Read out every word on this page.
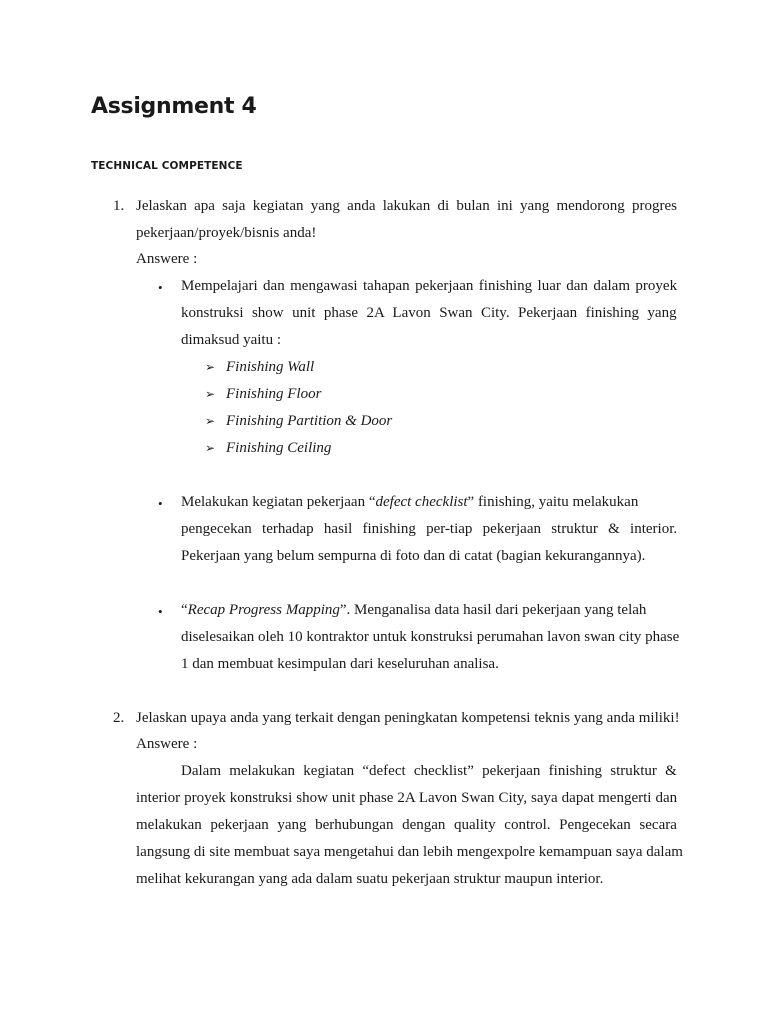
Assignment 4
TECHNICAL COMPETENCE
1. Jelaskan apa saja kegiatan yang anda lakukan di bulan ini yang mendorong progres
pekerjaan/proyek/bisnis anda!
Answere :
• Mempelajari dan mengawasi tahapan pekerjaan finishing luar dan dalam proyek
konstruksi show unit phase 2A Lavon Swan City. Pekerjaan finishing yang
dimaksud yaitu :
➢ Finishing Wall
➢ Finishing Floor
➢ Finishing Partition & Door
➢ Finishing Ceiling
• Melakukan kegiatan pekerjaan “defect checklist” finishing, yaitu melakukan
pengecekan terhadap hasil finishing per-tiap pekerjaan struktur & interior.
Pekerjaan yang belum sempurna di foto dan di catat (bagian kekurangannya).
• “Recap Progress Mapping”. Menganalisa data hasil dari pekerjaan yang telah
diselesaikan oleh 10 kontraktor untuk konstruksi perumahan lavon swan city phase
1 dan membuat kesimpulan dari keseluruhan analisa.
2. Jelaskan upaya anda yang terkait dengan peningkatan kompetensi teknis yang anda miliki!
Answere :
Dalam melakukan kegiatan “defect checklist” pekerjaan finishing struktur &
interior proyek konstruksi show unit phase 2A Lavon Swan City, saya dapat mengerti dan
melakukan pekerjaan yang berhubungan dengan quality control. Pengecekan secara
langsung di site membuat saya mengetahui dan lebih mengexpolre kemampuan saya dalam
melihat kekurangan yang ada dalam suatu pekerjaan struktur maupun interior.
